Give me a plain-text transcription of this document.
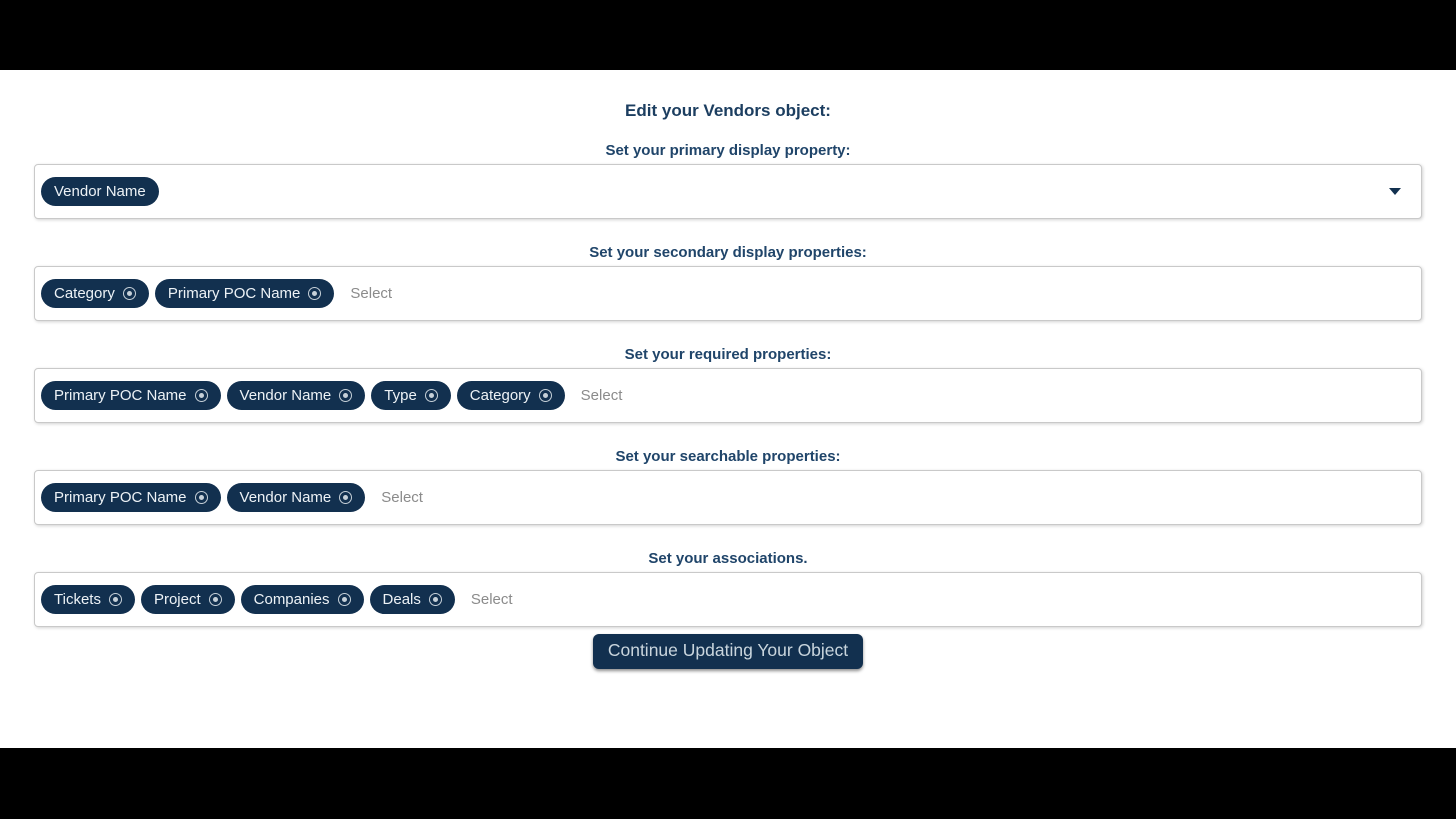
Edit your Vendors object:
Set your primary display property:
Vendor Name
Set your secondary display properties:
Category	Primary POC Name	Select
Set your required properties:
Primary POC Name	Vendor Name	Type	Category	Select
Set your searchable properties:
Primary POC Name	Vendor Name	Select
Set your associations.
Tickets	Project	Companies	Deals	Select
Continue Updating Your Object
